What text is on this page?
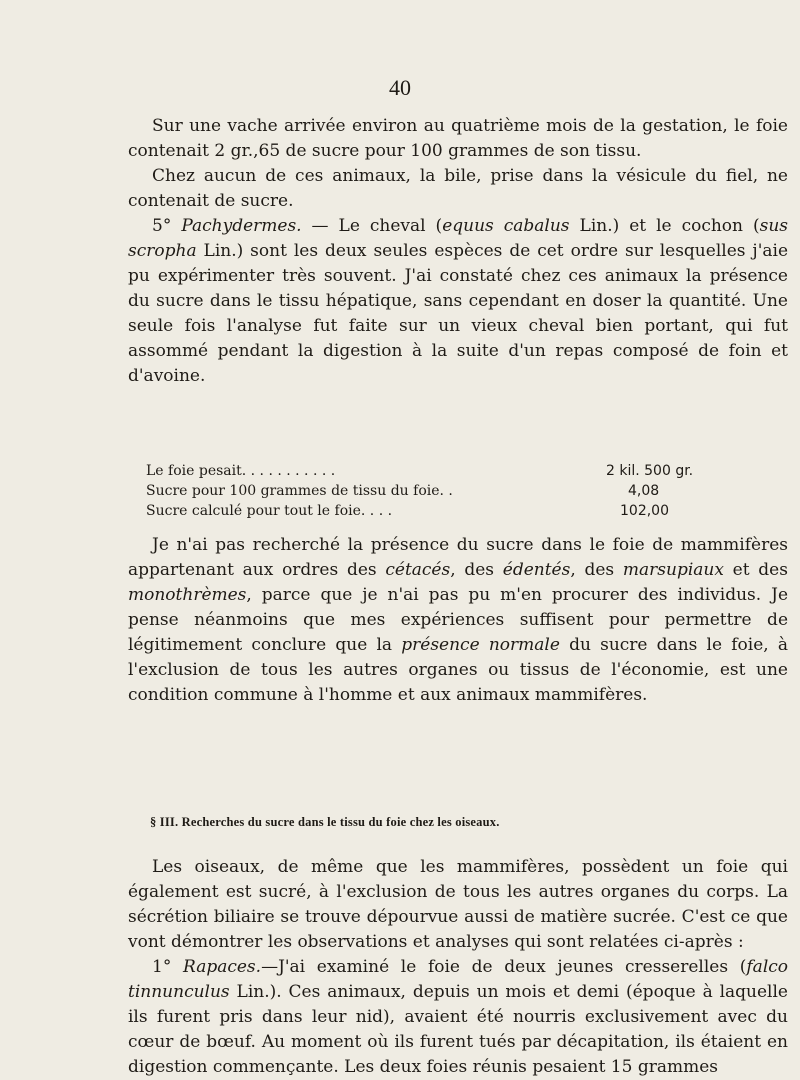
40

Sur une vache arrivée environ au quatrième mois de la gestation, le foie contenait 2 gr.,65 de sucre pour 100 grammes de son tissu.

Chez aucun de ces animaux, la bile, prise dans la vésicule du fiel, ne contenait de sucre.

5° Pachydermes. — Le cheval (equus cabalus Lin.) et le cochon (sus scropha Lin.) sont les deux seules espèces de cet ordre sur lesquelles j'aie pu expérimenter très souvent. J'ai constaté chez ces animaux la présence du sucre dans le tissu hépatique, sans cependant en doser la quantité. Une seule fois l'analyse fut faite sur un vieux cheval bien portant, qui fut assommé pendant la digestion à la suite d'un repas composé de foin et d'avoine.

Le foie pesait. . . . . . . . . . .	2 kil. 500 gr.
Sucre pour 100 grammes de tissu du foie. .	4,08
Sucre calculé pour tout le foie. . . .	102,00

Je n'ai pas recherché la présence du sucre dans le foie de mammifères appartenant aux ordres des cétacés, des édentés, des marsupiaux et des monothrèmes, parce que je n'ai pas pu m'en procurer des individus. Je pense néanmoins que mes expériences suffisent pour permettre de légitimement conclure que la présence normale du sucre dans le foie, à l'exclusion de tous les autres organes ou tissus de l'économie, est une condition commune à l'homme et aux animaux mammifères.

§ III. Recherches du sucre dans le tissu du foie chez les oiseaux.

Les oiseaux, de même que les mammifères, possèdent un foie qui également est sucré, à l'exclusion de tous les autres organes du corps. La sécrétion biliaire se trouve dépourvue aussi de matière sucrée. C'est ce que vont démontrer les observations et analyses qui sont relatées ci-après :

1° Rapaces.—J'ai examiné le foie de deux jeunes cresserelles (falco tinnunculus Lin.). Ces animaux, depuis un mois et demi (époque à laquelle ils furent pris dans leur nid), avaient été nourris exclusivement avec du cœur de bœuf. Au moment où ils furent tués par décapitation, ils étaient en digestion commençante. Les deux foies réunis pesaient 15 grammes
